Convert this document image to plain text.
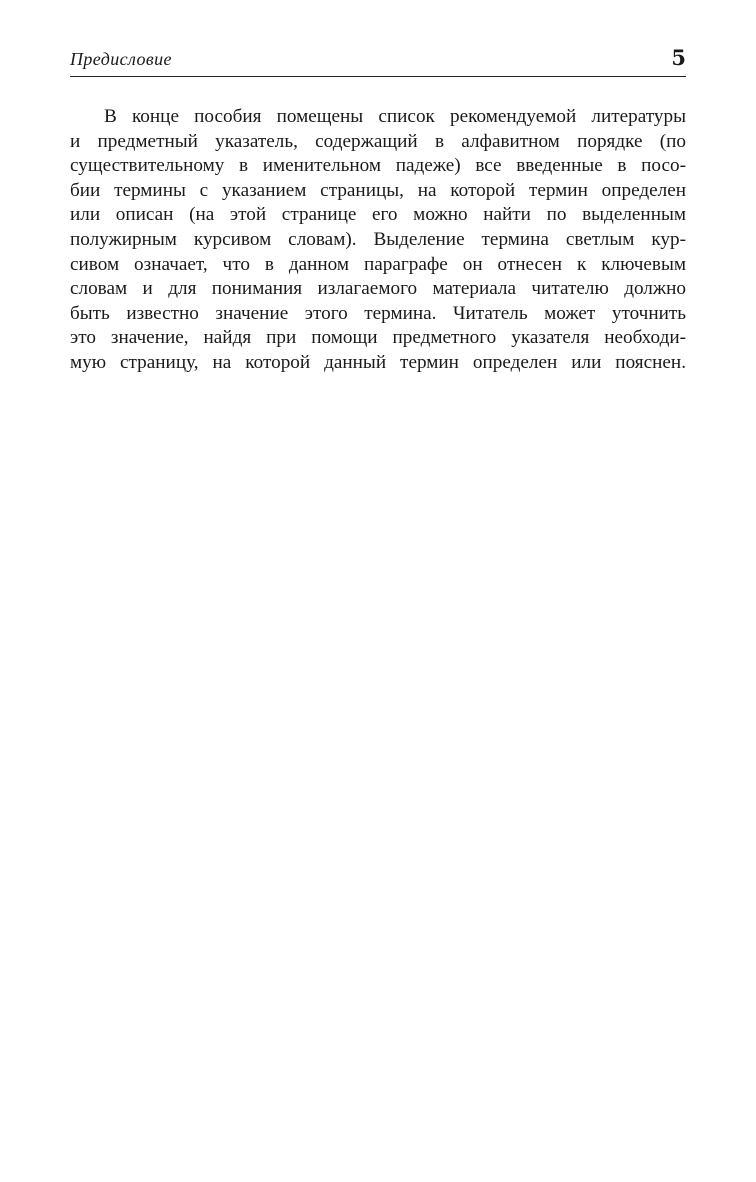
Предисловие	5
В конце пособия помещены список рекомендуемой литературы
и предметный указатель, содержащий в алфавитном порядке (по
существительному в именительном падеже) все введенные в посо-
бии термины с указанием страницы, на которой термин определен
или описан (на этой странице его можно найти по выделенным
полужирным курсивом словам). Выделение термина светлым кур-
сивом означает, что в данном параграфе он отнесен к ключевым
словам и для понимания излагаемого материала читателю должно
быть известно значение этого термина. Читатель может уточнить
это значение, найдя при помощи предметного указателя необходи-
мую страницу, на которой данный термин определен или пояснен.
